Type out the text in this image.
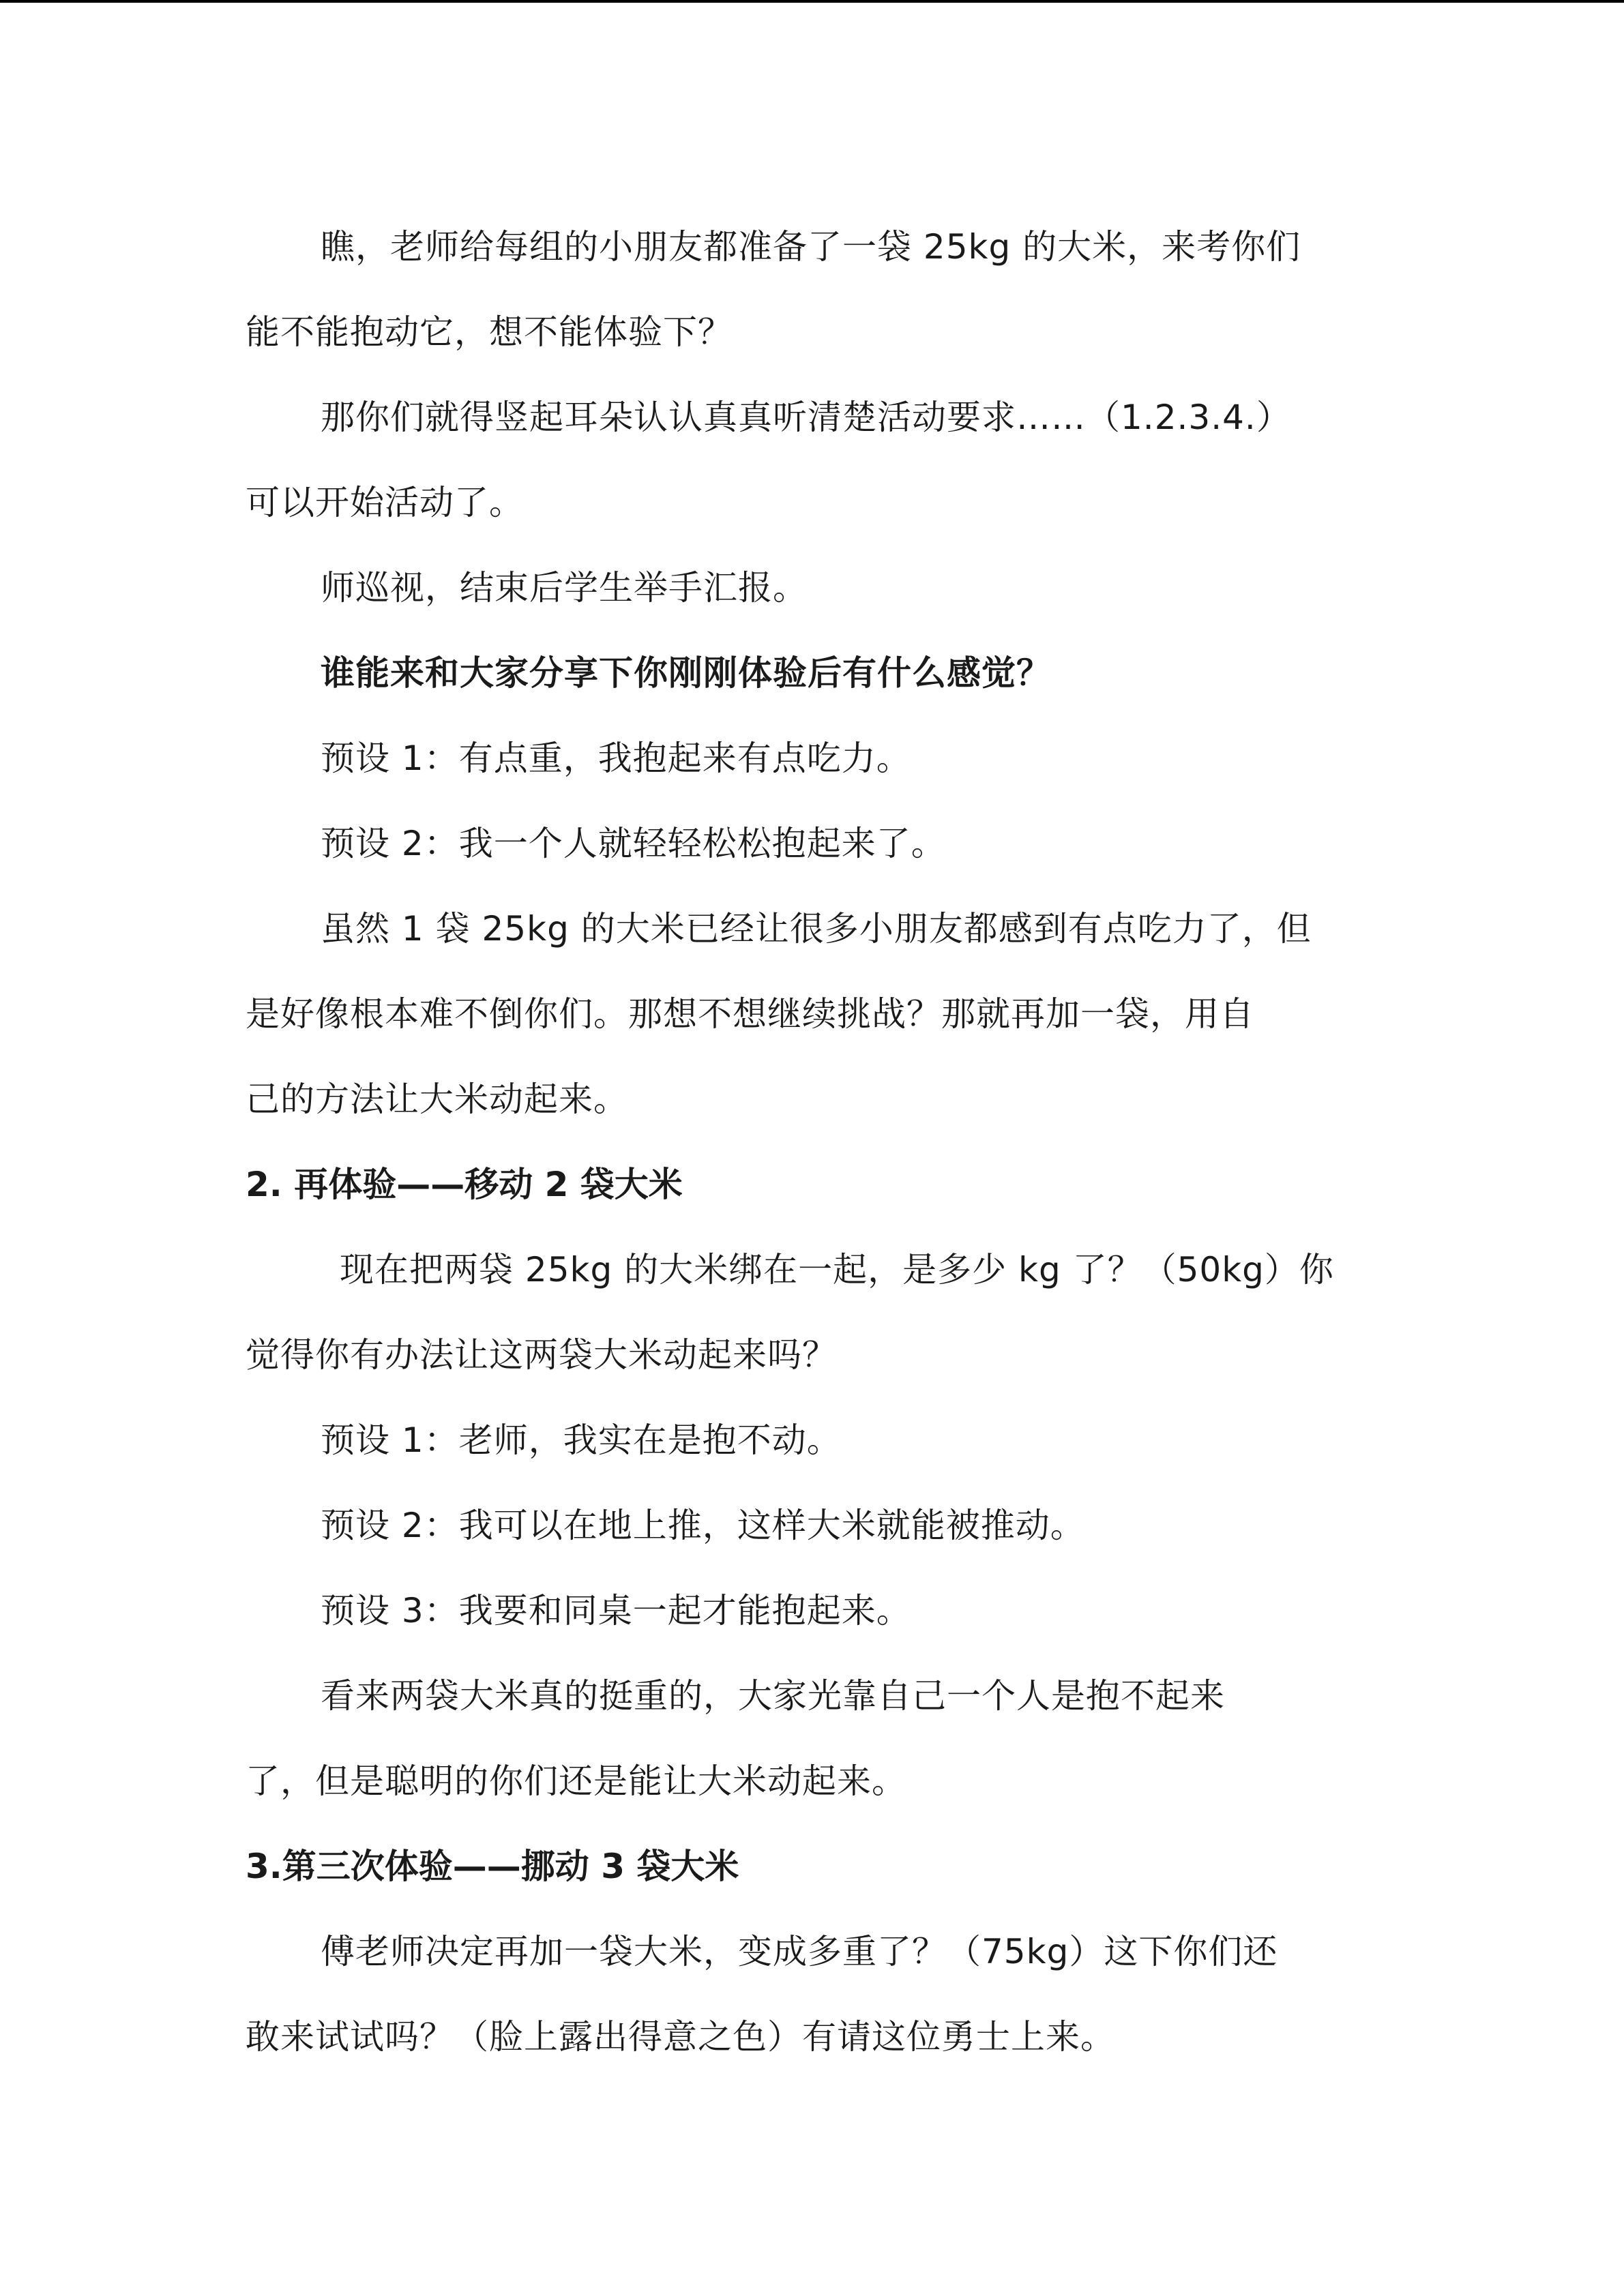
瞧，老师给每组的小朋友都准备了一袋 25kg 的大米，来考你们

能不能抱动它，想不能体验下？

那你们就得竖起耳朵认认真真听清楚活动要求……（1.2.3.4.）

可以开始活动了。

师巡视，结束后学生举手汇报。

谁能来和大家分享下你刚刚体验后有什么感觉？

预设 1：有点重，我抱起来有点吃力。

预设 2：我一个人就轻轻松松抱起来了。

虽然 1 袋 25kg 的大米已经让很多小朋友都感到有点吃力了，但

是好像根本难不倒你们。那想不想继续挑战？那就再加一袋，用自

己的方法让大米动起来。

2. 再体验——移动 2 袋大米

现在把两袋 25kg 的大米绑在一起，是多少 kg 了？（50kg）你

觉得你有办法让这两袋大米动起来吗？

预设 1：老师，我实在是抱不动。

预设 2：我可以在地上推，这样大米就能被推动。

预设 3：我要和同桌一起才能抱起来。

看来两袋大米真的挺重的，大家光靠自己一个人是抱不起来

了，但是聪明的你们还是能让大米动起来。

3.第三次体验——挪动 3 袋大米

傅老师决定再加一袋大米，变成多重了？（75kg）这下你们还

敢来试试吗？（脸上露出得意之色）有请这位勇士上来。
